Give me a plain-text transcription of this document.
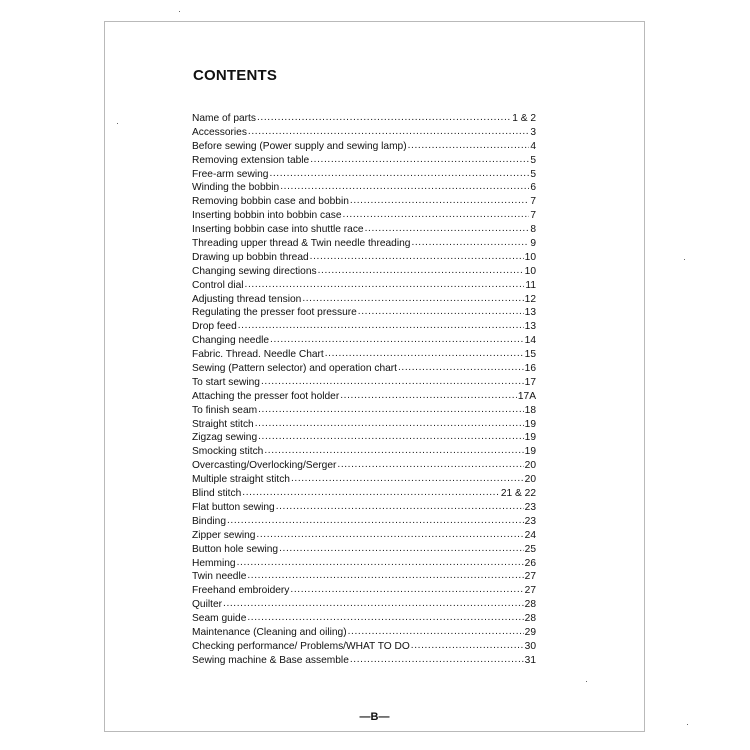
CONTENTS
Name of parts .....	1 & 2
Accessories .....	3
Before sewing (Power supply and sewing lamp) .....	4
Removing extension table .....	5
Free-arm sewing .....	5
Winding the bobbin .....	6
Removing bobbin case and bobbin .....	7
Inserting bobbin into bobbin case .....	7
Inserting bobbin case into shuttle race .....	8
Threading upper thread & Twin needle threading .....	9
Drawing up bobbin thread .....	10
Changing sewing directions .....	10
Control dial .....	11
Adjusting thread tension .....	12
Regulating the presser foot pressure .....	13
Drop feed .....	13
Changing needle .....	14
Fabric. Thread. Needle Chart .....	15
Sewing (Pattern selector) and operation chart .....	16
To start sewing .....	17
Attaching the presser foot holder .....	17A
To finish seam .....	18
Straight stitch .....	19
Zigzag sewing .....	19
Smocking stitch .....	19
Overcasting/Overlocking/Serger .....	20
Multiple straight stitch .....	20
Blind stitch .....	21 & 22
Flat button sewing .....	23
Binding .....	23
Zipper sewing .....	24
Button hole sewing .....	25
Hemming .....	26
Twin needle .....	27
Freehand embroidery .....	27
Quilter .....	28
Seam guide .....	28
Maintenance (Cleaning and oiling) .....	29
Checking performance/ Problems/WHAT TO DO .....	30
Sewing machine & Base assemble .....	31
—B—
